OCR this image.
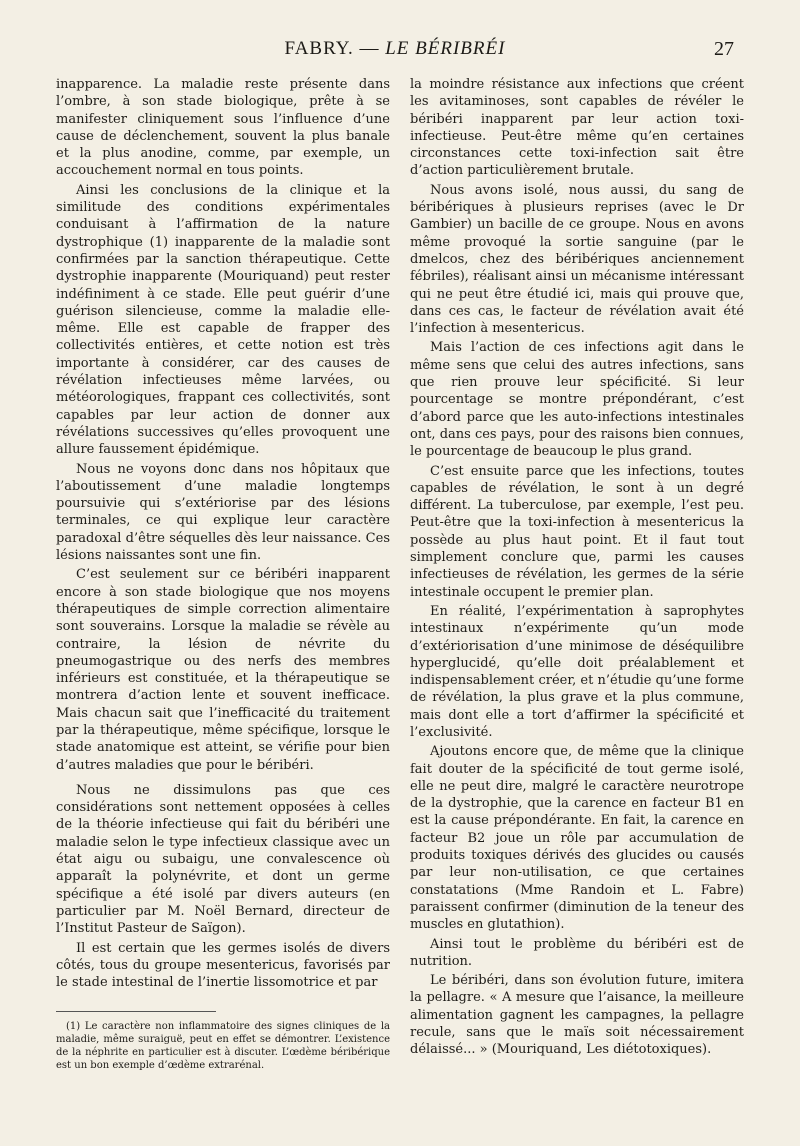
FABRY. — LE BÉRIBRÉI	27

inapparence. La maladie reste présente dans l’ombre, à son stade biologique, prête à se manifester cliniquement sous l’influence d’une cause de déclenchement, souvent la plus banale et la plus anodine, comme, par exemple, un accouchement normal en tous points.

Ainsi les conclusions de la clinique et la similitude des conditions expérimentales conduisant à l’affirmation de la nature dystrophique (1) inapparente de la maladie sont confirmées par la sanction thérapeutique. Cette dystrophie inapparente (Mouriquand) peut rester indéfiniment à ce stade. Elle peut guérir d’une guérison silencieuse, comme la maladie elle-même. Elle est capable de frapper des collectivités entières, et cette notion est très importante à considérer, car des causes de révélation infectieuses même larvées, ou météorologiques, frappant ces collectivités, sont capables par leur action de donner aux révélations successives qu’elles provoquent une allure faussement épidémique.

Nous ne voyons donc dans nos hôpitaux que l’aboutissement d’une maladie longtemps poursuivie qui s’extériorise par des lésions terminales, ce qui explique leur caractère paradoxal d’être séquelles dès leur naissance. Ces lésions naissantes sont une fin.

C’est seulement sur ce béribéri inapparent encore à son stade biologique que nos moyens thérapeutiques de simple correction alimentaire sont souverains. Lorsque la maladie se révèle au contraire, la lésion de névrite du pneumogastrique ou des nerfs des membres inférieurs est constituée, et la thérapeutique se montrera d’action lente et souvent inefficace. Mais chacun sait que l’inefficacité du traitement par la thérapeutique, même spécifique, lorsque le stade anatomique est atteint, se vérifie pour bien d’autres maladies que pour le béribéri.

Nous ne dissimulons pas que ces considérations sont nettement opposées à celles de la théorie infectieuse qui fait du béribéri une maladie selon le type infectieux classique avec un état aigu ou subaigu, une convalescence où apparaît la polynévrite, et dont un germe spécifique a été isolé par divers auteurs (en particulier par M. Noël Bernard, directeur de l’Institut Pasteur de Saïgon).

Il est certain que les germes isolés de divers côtés, tous du groupe mesentericus, favorisés par le stade intestinal de l’inertie lissomotrice et par

(1) Le caractère non inflammatoire des signes cliniques de la maladie, même suraiguë, peut en effet se démontrer. L’existence de la néphrite en particulier est à discuter. L’œdème béribérique est un bon exemple d’œdème extrarénal.

la moindre résistance aux infections que créent les avitaminoses, sont capables de révéler le béribéri inapparent par leur action toxi-infectieuse. Peut-être même qu’en certaines circonstances cette toxi-infection sait être d’action particulièrement brutale.

Nous avons isolé, nous aussi, du sang de béribériques à plusieurs reprises (avec le Dr Gambier) un bacille de ce groupe. Nous en avons même provoqué la sortie sanguine (par le dmelcos, chez des béribériques anciennement fébriles), réalisant ainsi un mécanisme intéressant qui ne peut être étudié ici, mais qui prouve que, dans ces cas, le facteur de révélation avait été l’infection à mesentericus.

Mais l’action de ces infections agit dans le même sens que celui des autres infections, sans que rien prouve leur spécificité. Si leur pourcentage se montre prépondérant, c’est d’abord parce que les auto-infections intestinales ont, dans ces pays, pour des raisons bien connues, le pourcentage de beaucoup le plus grand.

C’est ensuite parce que les infections, toutes capables de révélation, le sont à un degré différent. La tuberculose, par exemple, l’est peu. Peut-être que la toxi-infection à mesentericus la possède au plus haut point. Et il faut tout simplement conclure que, parmi les causes infectieuses de révélation, les germes de la série intestinale occupent le premier plan.

En réalité, l’expérimentation à saprophytes intestinaux n’expérimente qu’un mode d’extériorisation d’une minimose de déséquilibre hyperglucidé, qu’elle doit préalablement et indispensablement créer, et n’étudie qu’une forme de révélation, la plus grave et la plus commune, mais dont elle a tort d’affirmer la spécificité et l’exclusivité.

Ajoutons encore que, de même que la clinique fait douter de la spécificité de tout germe isolé, elle ne peut dire, malgré le caractère neurotrope de la dystrophie, que la carence en facteur B1 en est la cause prépondérante. En fait, la carence en facteur B2 joue un rôle par accumulation de produits toxiques dérivés des glucides ou causés par leur non-utilisation, ce que certaines constatations (Mme Randoin et L. Fabre) paraissent confirmer (diminution de la teneur des muscles en glutathion).

Ainsi tout le problème du béribéri est de nutrition.

Le béribéri, dans son évolution future, imitera la pellagre. « A mesure que l’aisance, la meilleure alimentation gagnent les campagnes, la pellagre recule, sans que le maïs soit nécessairement délaissé... » (Mouriquand, Les diétotoxiques).
